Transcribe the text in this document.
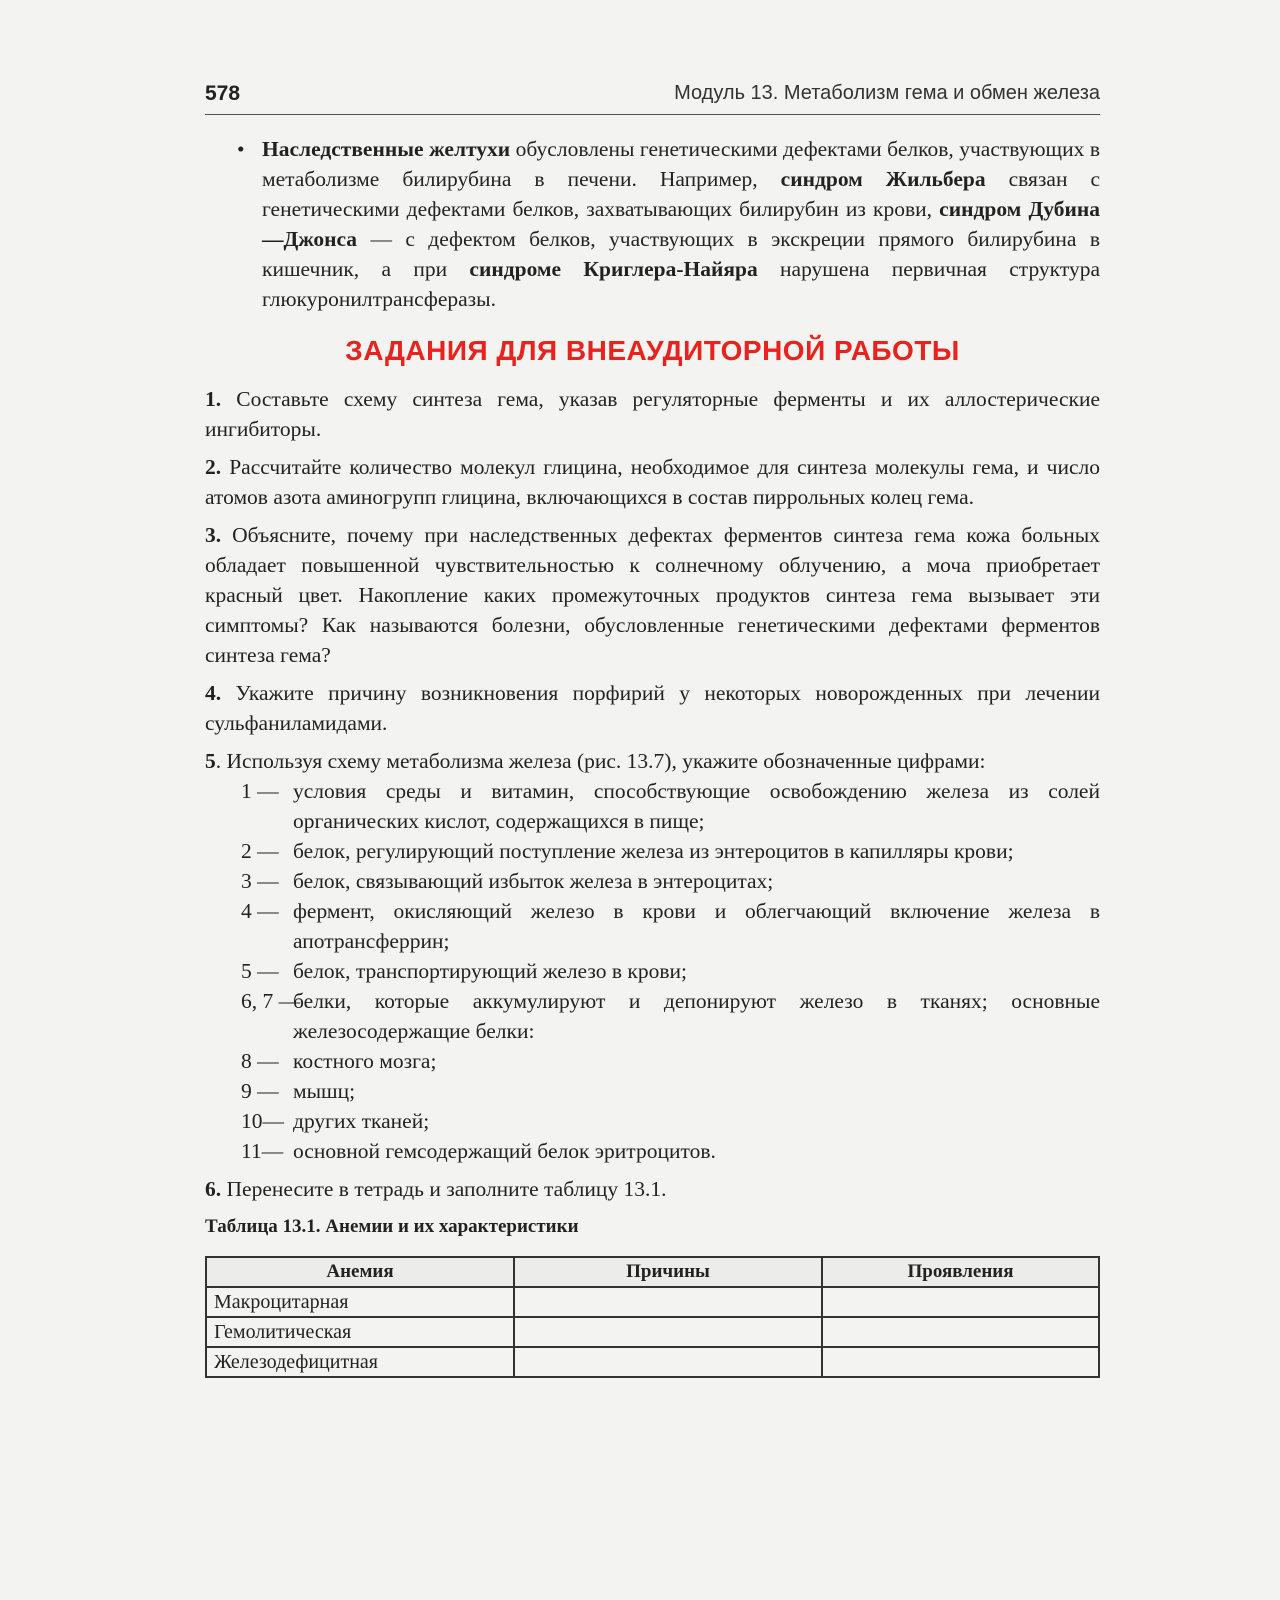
578	Модуль 13. Метаболизм гема и обмен железа

• Наследственные желтухи обусловлены генетическими дефектами белков, участвующих в метаболизме билирубина в печени. Например, синдром Жильбера связан с генетическими дефектами белков, захватывающих билирубин из крови, синдром Дубина—Джонса — с дефектом белков, участвующих в экскреции прямого билирубина в кишечник, а при синдроме Криглера-Найяра нарушена первичная структура глюкуронилтрансферазы.

ЗАДАНИЯ ДЛЯ ВНЕАУДИТОРНОЙ РАБОТЫ

1. Составьте схему синтеза гема, указав регуляторные ферменты и их аллостерические ингибиторы.

2. Рассчитайте количество молекул глицина, необходимое для синтеза молекулы гема, и число атомов азота аминогрупп глицина, включающихся в состав пиррольных колец гема.

3. Объясните, почему при наследственных дефектах ферментов синтеза гема кожа больных обладает повышенной чувствительностью к солнечному облучению, а моча приобретает красный цвет. Накопление каких промежуточных продуктов синтеза гема вызывает эти симптомы? Как называются болезни, обусловленные генетическими дефектами ферментов синтеза гема?

4. Укажите причину возникновения порфирий у некоторых новорожденных при лечении сульфаниламидами.

5. Используя схему метаболизма железа (рис. 13.7), укажите обозначенные цифрами:

1 — условия среды и витамин, способствующие освобождению железа из солей органических кислот, содержащихся в пище;
2 — белок, регулирующий поступление железа из энтероцитов в капилляры крови;
3 — белок, связывающий избыток железа в энтероцитах;
4 — фермент, окисляющий железо в крови и облегчающий включение железа в апотрансферрин;
5 — белок, транспортирующий железо в крови;
6, 7 —
белки, которые аккумулируют и депонируют железо в тканях; основные железосодержащие белки:
8 — костного мозга;
9 — мышц;
10— других тканей;
11— основной гемсодержащий белок эритроцитов.

6. Перенесите в тетрадь и заполните таблицу 13.1.

Таблица 13.1. Анемии и их характеристики

Анемия	Причины	Проявления
Макроцитарная		
Гемолитическая		
Железодефицитная		
